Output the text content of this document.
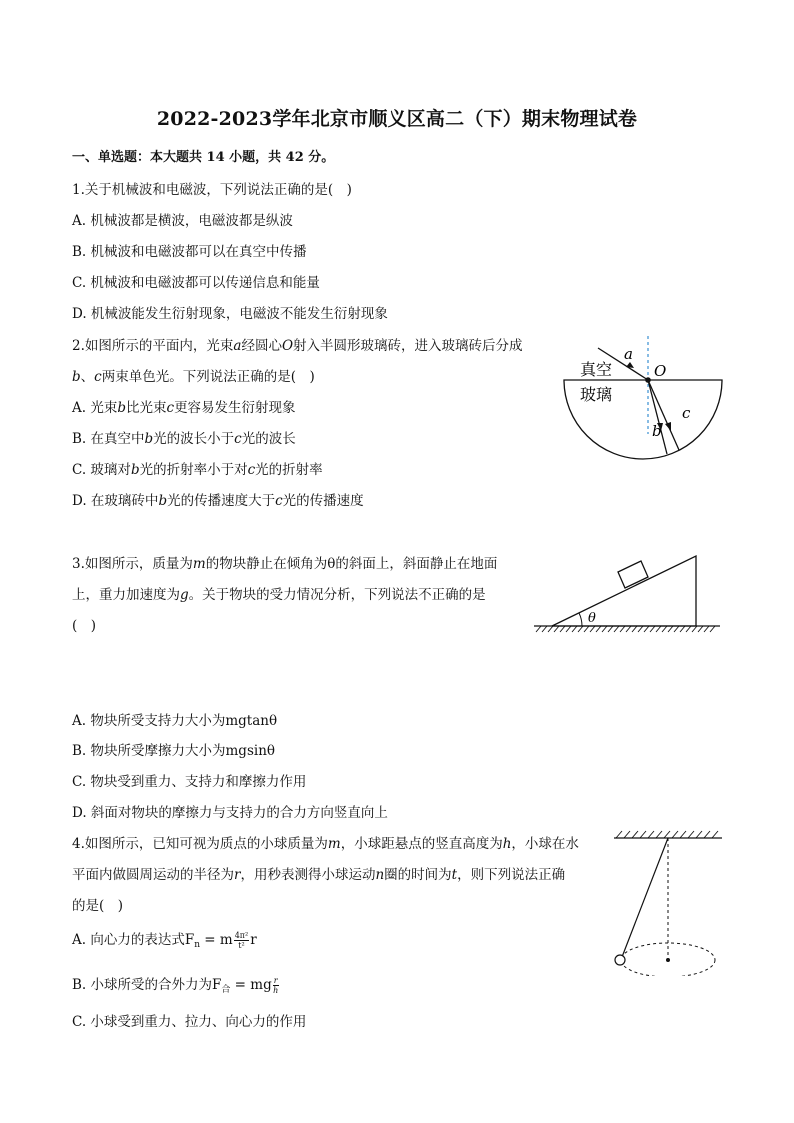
2022-2023学年北京市顺义区高二（下）期末物理试卷
一、单选题：本大题共 14 小题，共 42 分。
1.关于机械波和电磁波，下列说法正确的是(　)
A. 机械波都是横波，电磁波都是纵波
B. 机械波和电磁波都可以在真空中传播
C. 机械波和电磁波都可以传递信息和能量
D. 机械波能发生衍射现象，电磁波不能发生衍射现象
2.如图所示的平面内，光束a经圆心O射入半圆形玻璃砖，进入玻璃砖后分成
b、c两束单色光。下列说法正确的是(　)
A. 光束b比光束c更容易发生衍射现象
B. 在真空中b光的波长小于c光的波长
C. 玻璃对b光的折射率小于对c光的折射率
D. 在玻璃砖中b光的传播速度大于c光的传播速度
真空
玻璃
a
O
b
c
3.如图所示，质量为m的物块静止在倾角为θ的斜面上，斜面静止在地面
上，重力加速度为g。关于物块的受力情况分析，下列说法不正确的是
(　)	θ
A. 物块所受支持力大小为mgtanθ
B. 物块所受摩擦力大小为mgsinθ
C. 物块受到重力、支持力和摩擦力作用
D. 斜面对物块的摩擦力与支持力的合力方向竖直向上
4.如图所示，已知可视为质点的小球质量为m，小球距悬点的竖直高度为h，小球在水
平面内做圆周运动的半径为r，用秒表测得小球运动n圈的时间为t，则下列说法正确
的是(　)
A. 向心力的表达式$F_n = m \frac{\text{4π²}}{\text{t²}}$ r
B. 小球所受的合外力为$F_合$ = mg $\frac{r}{h}$
C. 小球受到重力、拉力、向心力的作用
